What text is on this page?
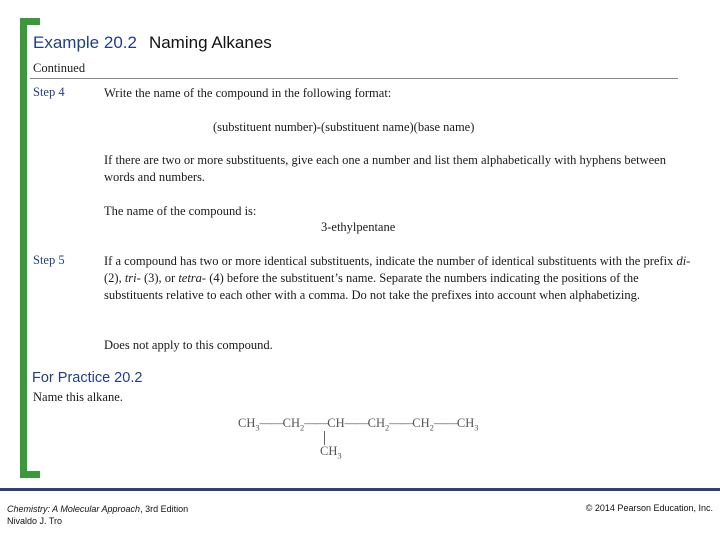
Example 20.2 Naming Alkanes
Continued
Step 4	Write the name of the compound in the following format:
(substituent number)-(substituent name)(base name)
If there are two or more substituents, give each one a number and list them alphabetically with hyphens between words and numbers.
The name of the compound is:
3-ethylpentane
Step 5	If a compound has two or more identical substituents, indicate the number of identical substituents with the prefix di- (2), tri- (3), or tetra- (4) before the substituent’s name. Separate the numbers indicating the positions of the substituents relative to each other with a comma. Do not take the prefixes into account when alphabetizing.
Does not apply to this compound.
For Practice 20.2
Name this alkane.
$CH_3——CH_2——CH——CH_2——CH_2——CH_3$
$CH_3$
Chemistry: A Molecular Approach, 3rd Edition
Nivaldo J. Tro
© 2014 Pearson Education, Inc.
